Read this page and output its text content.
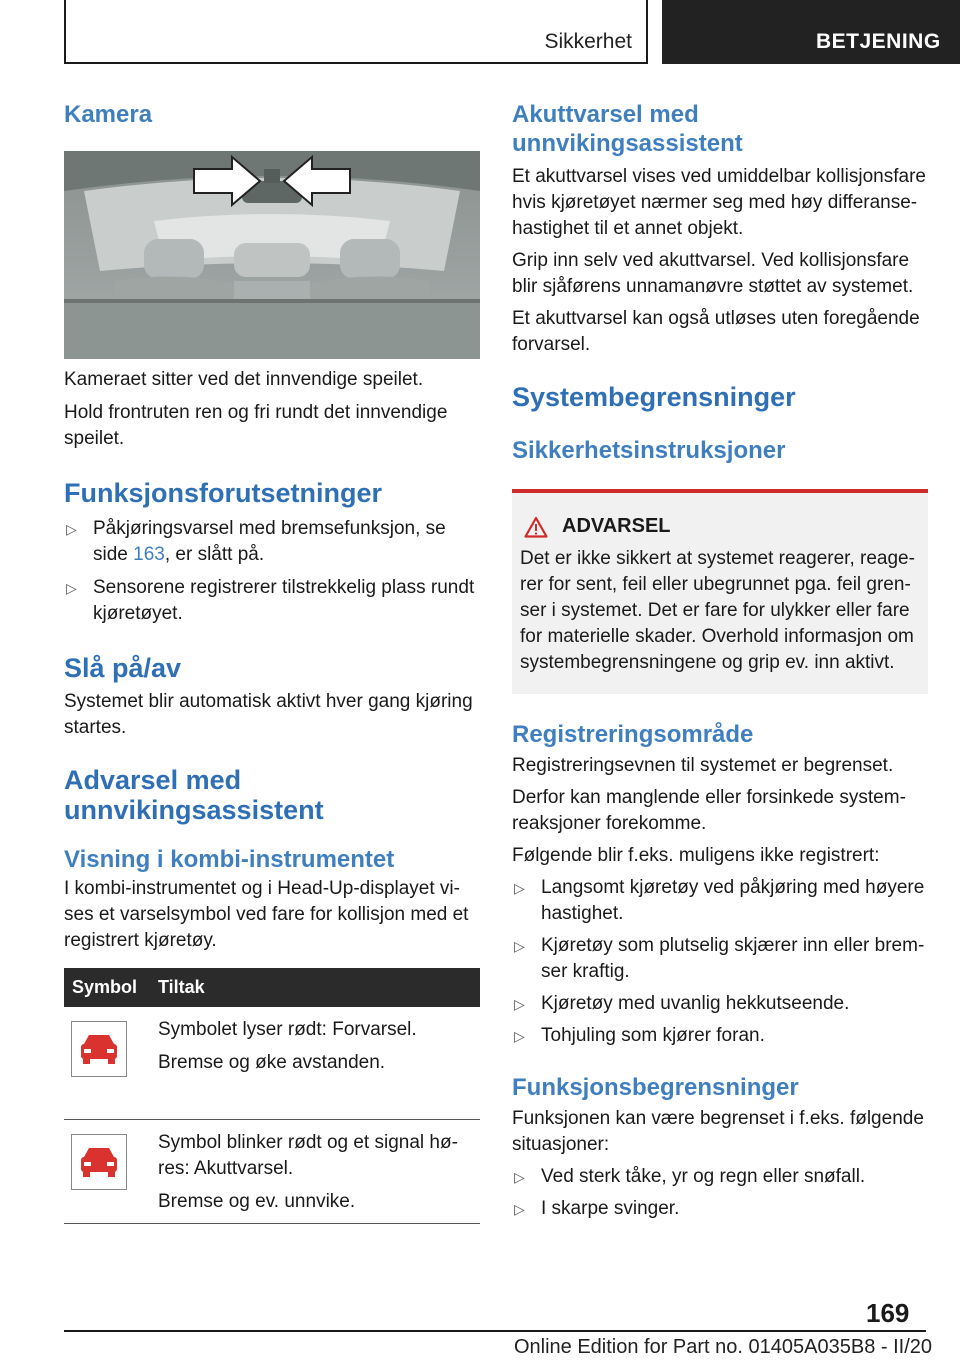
Sikkerhet	BETJENING
Kamera

Kameraet sitter ved det innvendige speilet.

Hold frontruten ren og fri rundt det innvendige speilet.

Funksjonsforutsetninger
▷ Påkjøringsvarsel med bremsefunksjon, se side 163, er slått på.
▷ Sensorene registrerer tilstrekkelig plass rundt kjøretøyet.
Slå på/av

Systemet blir automatisk aktivt hver gang kjøring startes.

Advarsel med
unnvikingsassistent
Visning i kombi-instrumentet

I kombi-instrumentet og i Head-Up-displayet vises et varselsymbol ved fare for kollisjon med et registrert kjøretøy.

Symbol	Tiltak

Symbolet lyser rødt: Forvarsel.

Bremse og øke avstanden.

Symbol blinker rødt og et signal høres: Akuttvarsel.

Bremse og ev. unnvike.

Akuttvarsel med
unnvikingsassistent

Et akuttvarsel vises ved umiddelbar kollisjonsfare hvis kjøretøyet nærmer seg med høy differansehastighet til et annet objekt.

Grip inn selv ved akuttvarsel. Ved kollisjonsfare blir sjåførens unnamanøvre støttet av systemet.

Et akuttvarsel kan også utløses uten foregående forvarsel.

Systembegrensninger
Sikkerhetsinstruksjoner
ADVARSEL

Det er ikke sikkert at systemet reagerer, reagerer for sent, feil eller ubegrunnet pga. feil grenser i systemet. Det er fare for ulykker eller fare for materielle skader. Overhold informasjon om systembegrensningene og grip ev. inn aktivt.

Registreringsområde

Registreringsevnen til systemet er begrenset.

Derfor kan manglende eller forsinkede systemreaksjoner forekomme.

Følgende blir f.eks. muligens ikke registrert:

▷ Langsomt kjøretøy ved påkjøring med høyere hastighet.
▷ Kjøretøy som plutselig skjærer inn eller bremser kraftig.
▷ Kjøretøy med uvanlig hekkutseende.
▷ Tohjuling som kjører foran.
Funksjonsbegrensninger

Funksjonen kan være begrenset i f.eks. følgende situasjoner:

▷ Ved sterk tåke, yr og regn eller snøfall.
▷ I skarpe svinger.
169
Online Edition for Part no. 01405A035B8 - II/20
